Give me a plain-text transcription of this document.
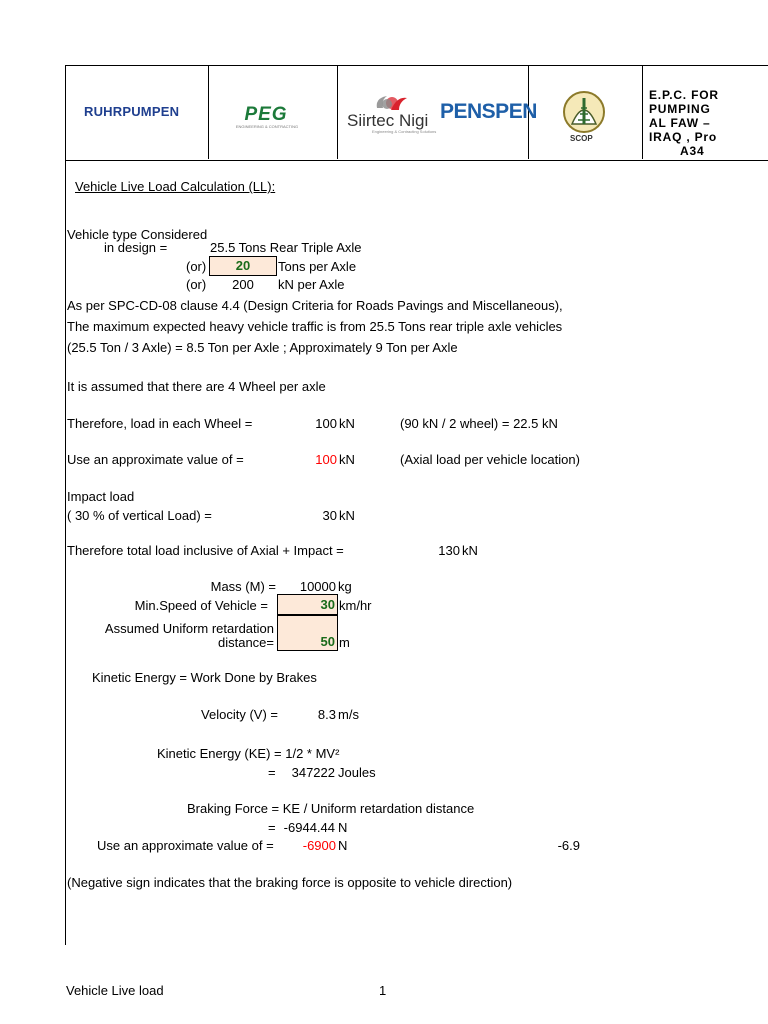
RUHRPUMPEN	PEG
ENGINEERING & CONTRACTING	Siirtec Nigi
Engineering & Contracting Solutions
PENSPEN
SCOP
E.P.C. FOR
PUMPING
AL FAW –
IRAQ , Pro
A34
Vehicle Live Load Calculation (LL):
Vehicle type Considered
in design =	25.5 Tons Rear Triple Axle
(or)	20	Tons per Axle
(or)	200	kN per Axle
As per SPC-CD-08 clause 4.4 (Design Criteria for Roads Pavings and Miscellaneous),
The maximum expected heavy vehicle traffic is from 25.5 Tons rear triple axle vehicles
(25.5 Ton / 3 Axle) = 8.5 Ton per Axle ; Approximately 9 Ton per Axle
It is assumed that there are 4 Wheel per axle
Therefore, load in each Wheel =	100 kN	(90 kN / 2 wheel) = 22.5 kN
Use an approximate value of =	100 kN	(Axial load per vehicle location)
Impact load
( 30 % of vertical Load) =	30 kN
Therefore total load inclusive of Axial + Impact =	130 kN
Mass (M) =	10000 kg
Min.Speed of Vehicle =	30 km/hr
Assumed Uniform retardation
distance=	50 m
Kinetic Energy = Work Done by Brakes
Velocity (V) =	8.3 m/s
Kinetic Energy (KE) = 1/2 * MV²
=	347222 Joules
Braking Force = KE / Uniform retardation distance
= -6944.44 N
Use an approximate value of =	-6900 N	-6.9
(Negative sign indicates that the braking force is opposite to vehicle direction)
Vehicle Live load	1
